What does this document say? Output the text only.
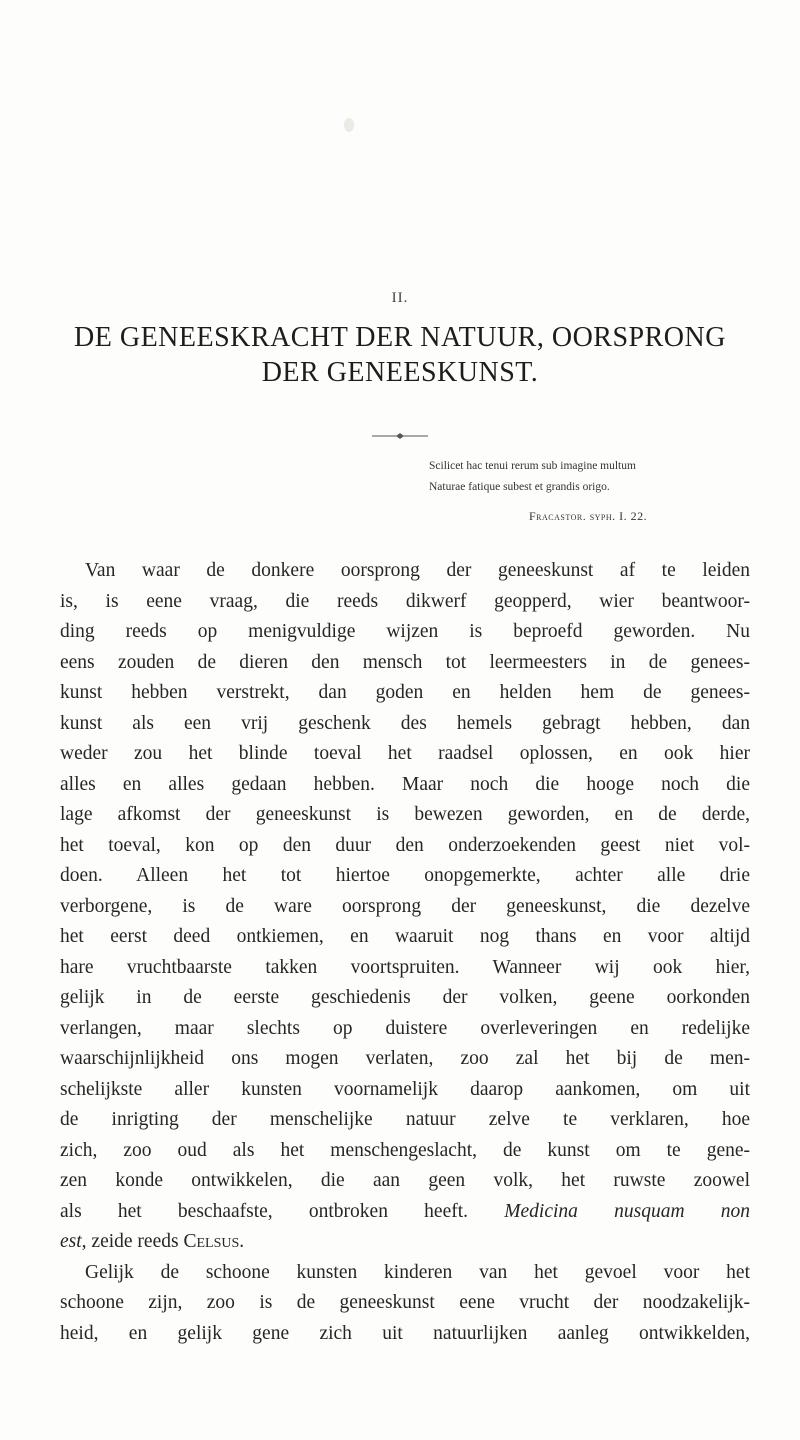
II.
DE GENEESKRACHT DER NATUUR, OORSPRONG
DER GENEESKUNST.

Scilicet hac tenui rerum sub imagine multum

Naturae fatique subest et grandis origo.

Fracastor. syph. I. 22.

Van waar de donkere oorsprong der geneeskunst af te leiden
is, is eene vraag, die reeds dikwerf geopperd, wier beantwoor-
ding reeds op menigvuldige wijzen is beproefd geworden. Nu
eens zouden de dieren den mensch tot leermeesters in de genees-
kunst hebben verstrekt, dan goden en helden hem de genees-
kunst als een vrij geschenk des hemels gebragt hebben, dan
weder zou het blinde toeval het raadsel oplossen, en ook hier
alles en alles gedaan hebben. Maar noch die hooge noch die
lage afkomst der geneeskunst is bewezen geworden, en de derde,
het toeval, kon op den duur den onderzoekenden geest niet vol-
doen. Alleen het tot hiertoe onopgemerkte, achter alle drie
verborgene, is de ware oorsprong der geneeskunst, die dezelve
het eerst deed ontkiemen, en waaruit nog thans en voor altijd
hare vruchtbaarste takken voortspruiten. Wanneer wij ook hier,
gelijk in de eerste geschiedenis der volken, geene oorkonden
verlangen, maar slechts op duistere overleveringen en redelijke
waarschijnlijkheid ons mogen verlaten, zoo zal het bij de men-
schelijkste aller kunsten voornamelijk daarop aankomen, om uit
de inrigting der menschelijke natuur zelve te verklaren, hoe
zich, zoo oud als het menschengeslacht, de kunst om te gene-
zen konde ontwikkelen, die aan geen volk, het ruwste zoowel
als het beschaafste, ontbroken heeft. Medicina nusquam non
est, zeide reeds Celsus.
Gelijk de schoone kunsten kinderen van het gevoel voor het
schoone zijn, zoo is de geneeskunst eene vrucht der noodzakelijk-
heid, en gelijk gene zich uit natuurlijken aanleg ontwikkelden,
